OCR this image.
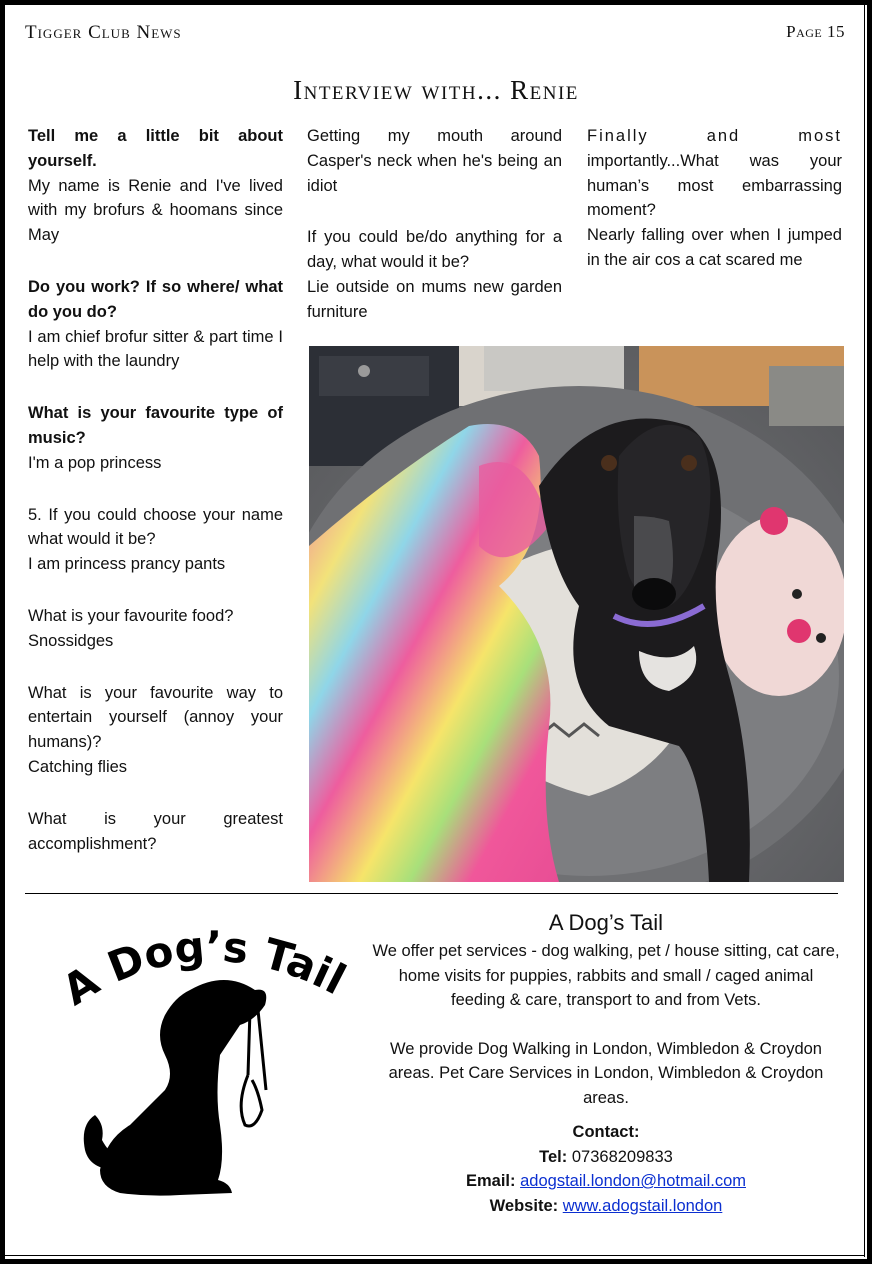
Tigger Club News	Page 15
Interview with... Renie

Tell me a little bit about yourself.

My name is Renie and I've lived with my brofurs & hoomans since May

Do you work? If so where/ what do you do?

I am chief brofur sitter & part time I help with the laundry

What is your favourite type of music?

I'm a pop princess

5. If you could choose your name what would it be?

I am princess prancy pants

What is your favourite food?

Snossidges

What is your favourite way to entertain yourself (annoy your humans)?

Catching flies

What is your greatest accomplishment?

Getting my mouth around Casper's neck when he's being an idiot

If you could be/do anything for a day, what would it be?

Lie outside on mums new garden furniture

Finally and most

importantly...What was your human’s most embarrassing moment?

Nearly falling over when I jumped in the air cos a cat scared me

A Dog’s Tail
A Dog’s Tail

We offer pet services - dog walking, pet / house sitting, cat care, home visits for puppies, rabbits and small / caged animal feeding & care, transport to and from Vets.

We provide Dog Walking in London, Wimbledon & Croydon areas. Pet Care Services in London, Wimbledon & Croydon areas.

Contact:

Tel: 07368209833

Email: adogstail.london@hotmail.com

Website: www.adogstail.london
